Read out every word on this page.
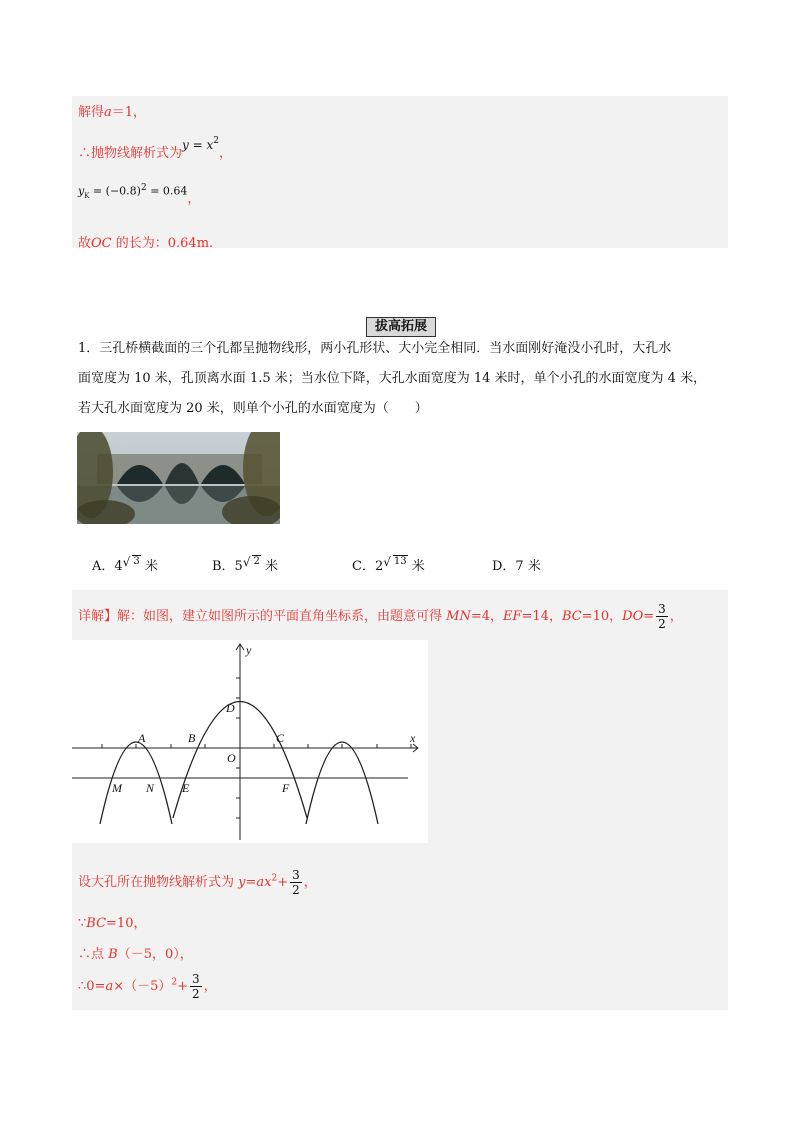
解得a＝1，
∴抛物线解析式为$y = x^2$，
$y_K = (-0.8)^2 = 0.64$，
故OC 的长为：0.64m.
拔高拓展
1．三孔桥横截面的三个孔都呈抛物线形，两小孔形状、大小完全相同．当水面刚好淹没小孔时，大孔水
面宽度为 10 米，孔顶离水面 1.5 米；当水位下降，大孔水面宽度为 14 米时，单个小孔的水面宽度为 4 米，
若大孔水面宽度为 20 米，则单个小孔的水面宽度为（　　）
A．4√ 3 米	B．5√ 2 米	C．2√ 13 米	D．7 米
详解】解：如图，建立如图所示的平面直角坐标系，由题意可得 MN=4，EF=14，BC=10，$DO= \frac{3}{2}$ ，
y
x
D
A	B	C
O
M N E	F
设大孔所在抛物线解析式为 $y=ax^2+ \frac{3}{2}$ ，
∵BC=10，
∴点 B（－5，0），
$\therefore 0=a\times(-5)^2+ \frac{3}{2}$ ，
